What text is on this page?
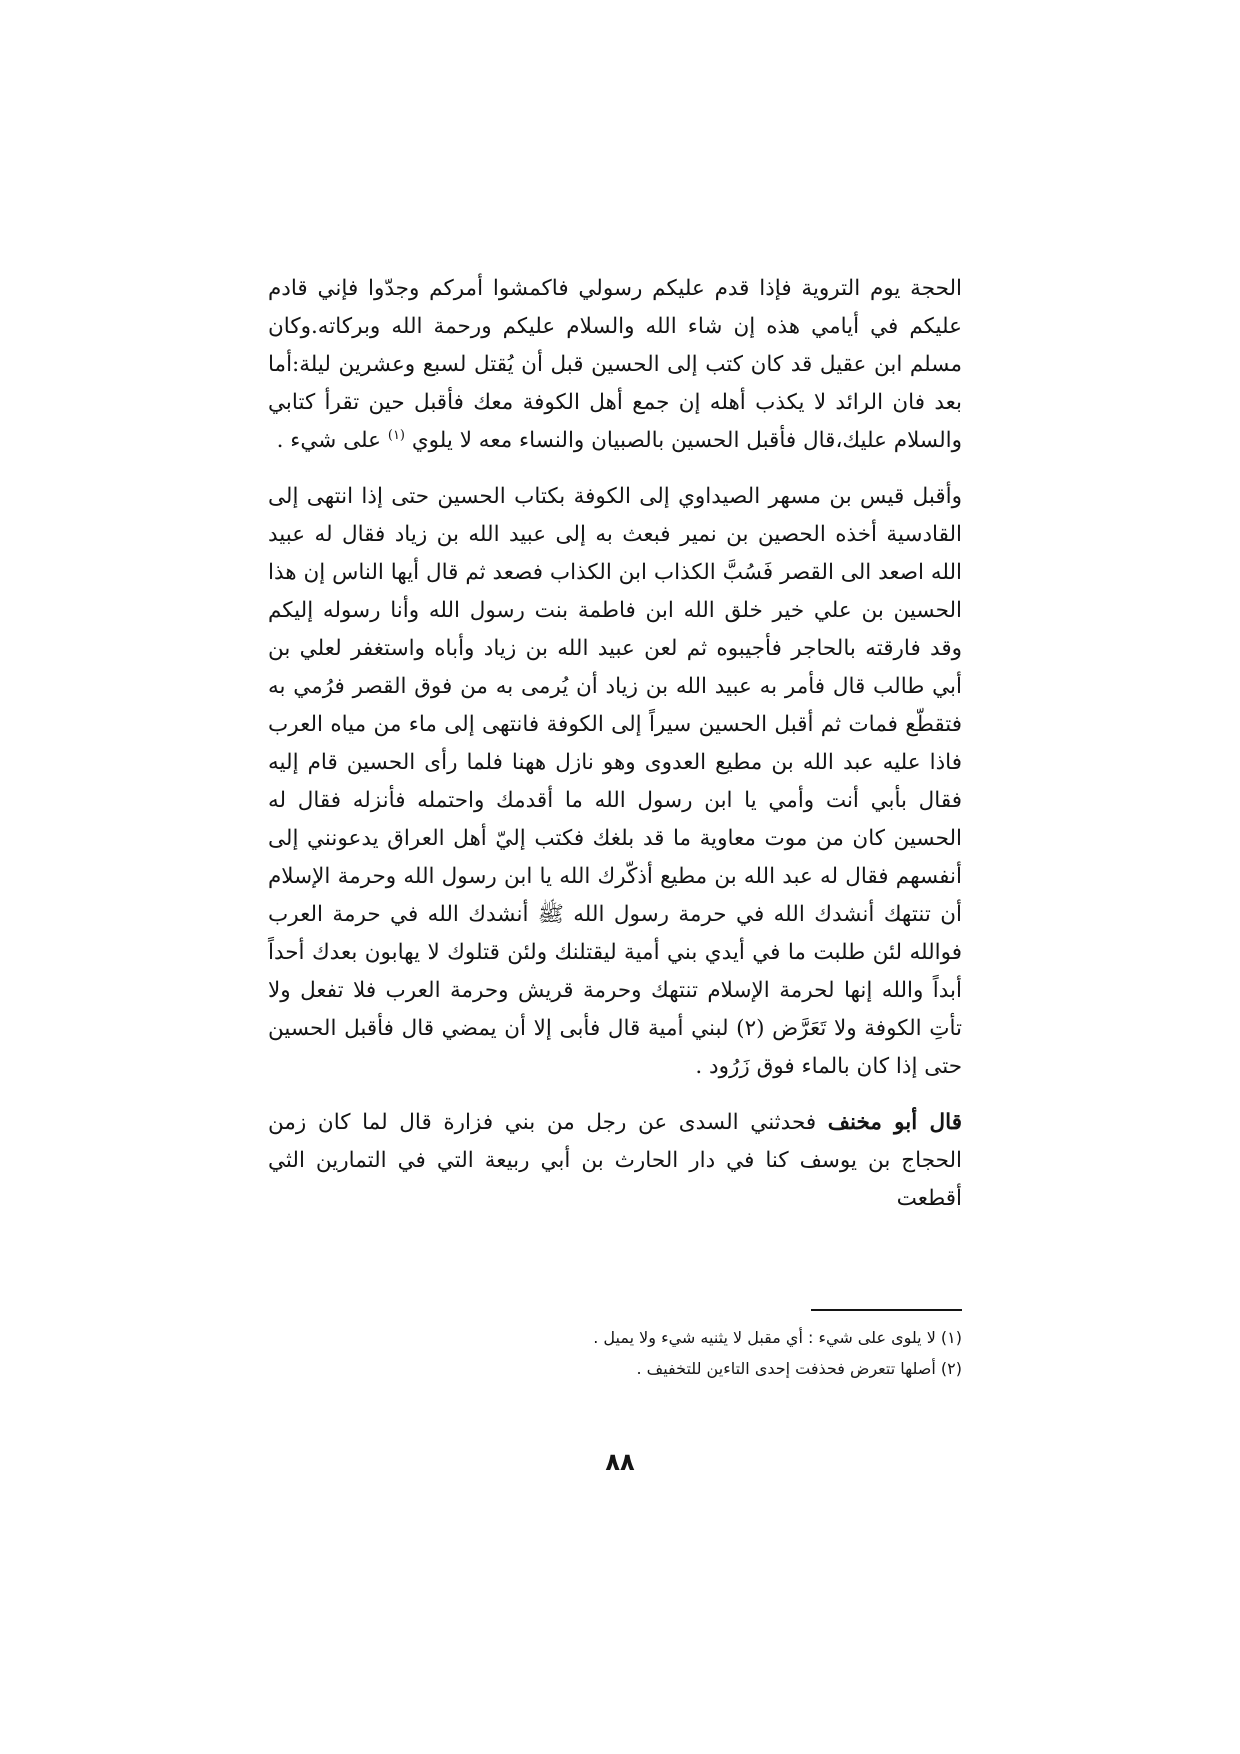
الحجة يوم التروية فإذا قدم عليكم رسولي فاكمشوا أمركم وجدّوا فإني قادم عليكم في أيامي هذه إن شاء الله والسلام عليكم ورحمة الله وبركاته.وكان مسلم ابن عقيل قد كان كتب إلى الحسين قبل أن يُقتل لسبع وعشرين ليلة:أما بعد فان الرائد لا يكذب أهله إن جمع أهل الكوفة معك فأقبل حين تقرأ كتابي والسلام عليك،قال فأقبل الحسين بالصبيان والنساء معه لا يلوي $^{(١)}$ على شيء .

وأقبل قيس بن مسهر الصيداوي إلى الكوفة بكتاب الحسين حتى إذا انتهى إلى القادسية أخذه الحصين بن نمير فبعث به إلى عبيد الله بن زياد فقال له عبيد الله اصعد الى القصر فَسُبَّ الكذاب ابن الكذاب فصعد ثم قال أيها الناس إن هذا الحسين بن علي خير خلق الله ابن فاطمة بنت رسول الله وأنا رسوله إليكم وقد فارقته بالحاجر فأجيبوه ثم لعن عبيد الله بن زياد وأباه واستغفر لعلي بن أبي طالب قال فأمر به عبيد الله بن زياد أن يُرمى به من فوق القصر فرُمي به فتقطّع فمات ثم أقبل الحسين سيراً إلى الكوفة فانتهى إلى ماء من مياه العرب فاذا عليه عبد الله بن مطيع العدوى وهو نازل ههنا فلما رأى الحسين قام إليه فقال بأبي أنت وأمي يا ابن رسول الله ما أقدمك واحتمله فأنزله فقال له الحسين كان من موت معاوية ما قد بلغك فكتب إليّ أهل العراق يدعونني إلى أنفسهم فقال له عبد الله بن مطيع أذكّرك الله يا ابن رسول الله وحرمة الإسلام أن تنتهك أنشدك الله في حرمة رسول الله ﷺ أنشدك الله في حرمة العرب فوالله لئن طلبت ما في أيدي بني أمية ليقتلنك ولئن قتلوك لا يهابون بعدك أحداً أبداً والله إنها لحرمة الإسلام تنتهك وحرمة قريش وحرمة العرب فلا تفعل ولا تأتِ الكوفة ولا تَعَرَّض (٢) لبني أمية قال فأبى إلا أن يمضي قال فأقبل الحسين حتى إذا كان بالماء فوق زَرُود .

قال أبو مخنف فحدثني السدى عن رجل من بني فزارة قال لما كان زمن الحجاج بن يوسف كنا في دار الحارث بن أبي ربيعة التي في التمارين الثي أقطعت

(١) لا يلوى على شيء : أي مقبل لا يثنيه شيء ولا يميل .

(٢) أصلها تتعرض فحذفت إحدى التاءين للتخفيف .

٨٨
